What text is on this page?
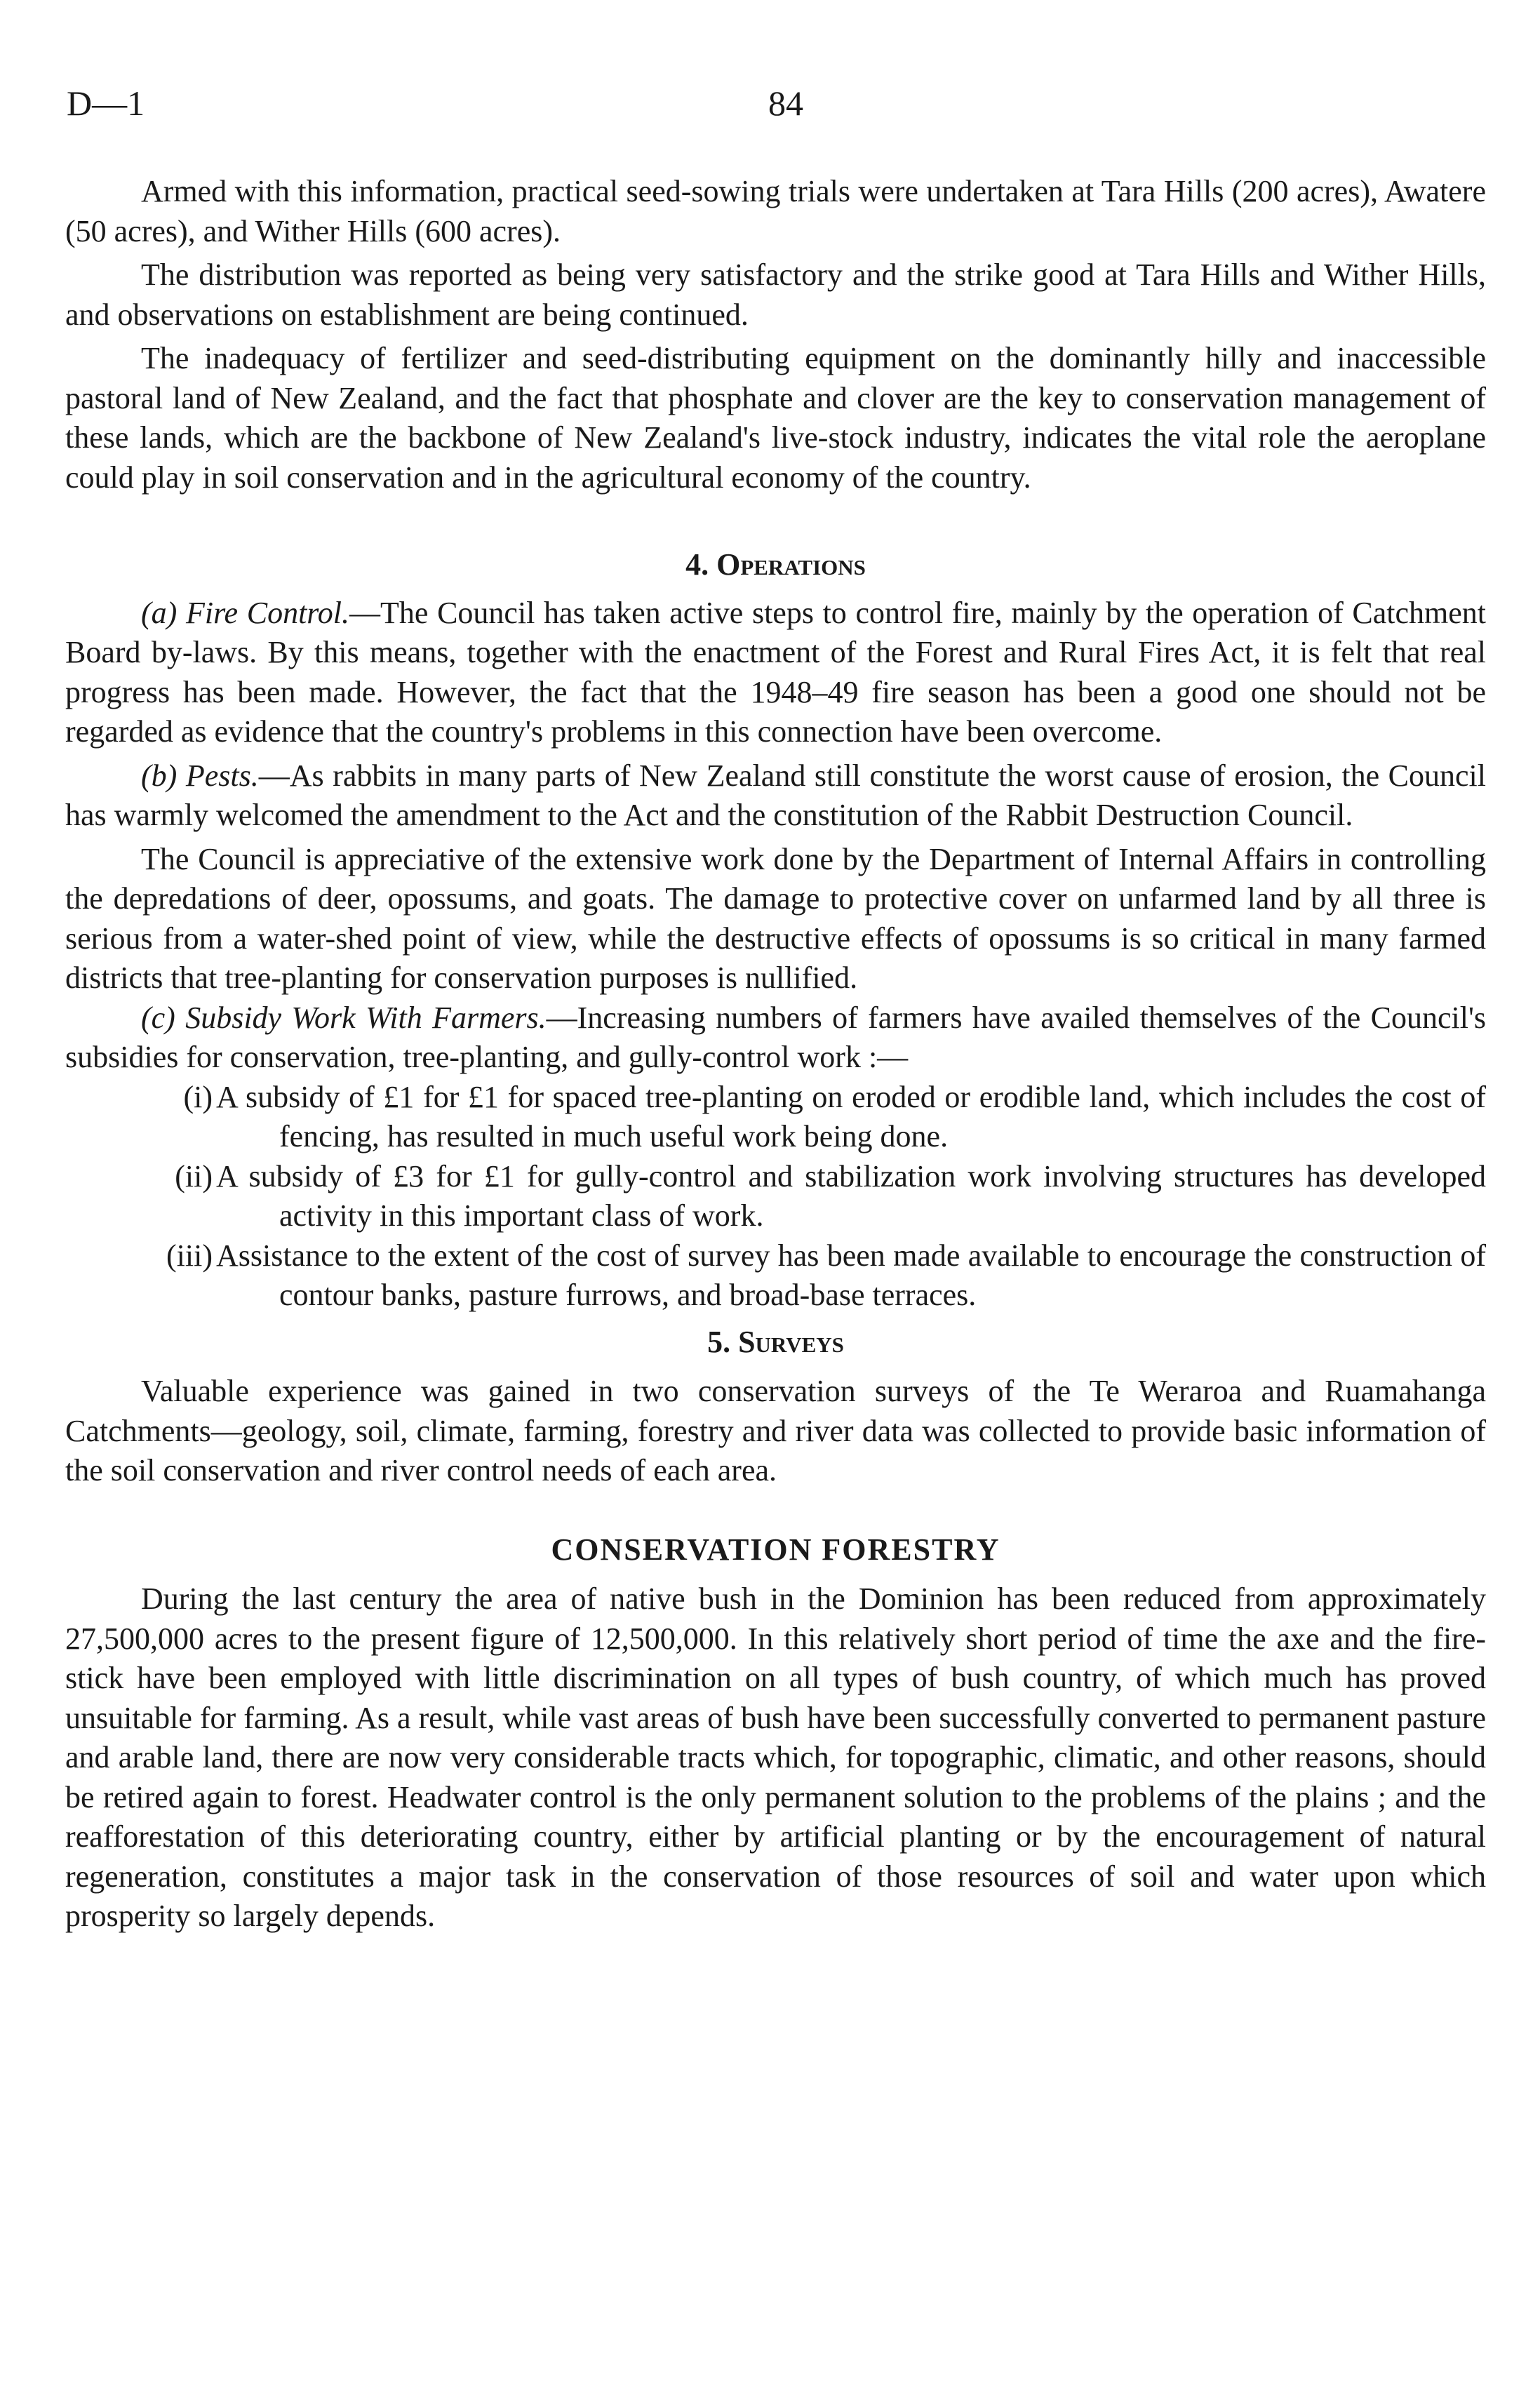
D—1	84

Armed with this information, practical seed-sowing trials were undertaken at Tara Hills (200 acres), Awatere (50 acres), and Wither Hills (600 acres).

The distribution was reported as being very satisfactory and the strike good at Tara Hills and Wither Hills, and observations on establishment are being continued.

The inadequacy of fertilizer and seed-distributing equipment on the dominantly hilly and inaccessible pastoral land of New Zealand, and the fact that phosphate and clover are the key to conservation management of these lands, which are the backbone of New Zealand's live-stock industry, indicates the vital role the aeroplane could play in soil conservation and in the agricultural economy of the country.

4. Operations

(a) Fire Control.—The Council has taken active steps to control fire, mainly by the operation of Catchment Board by-laws. By this means, together with the enactment of the Forest and Rural Fires Act, it is felt that real progress has been made. However, the fact that the 1948–49 fire season has been a good one should not be regarded as evidence that the country's problems in this connection have been overcome.

(b) Pests.—As rabbits in many parts of New Zealand still constitute the worst cause of erosion, the Council has warmly welcomed the amendment to the Act and the constitution of the Rabbit Destruction Council.

The Council is appreciative of the extensive work done by the Department of Internal Affairs in controlling the depredations of deer, opossums, and goats. The damage to protective cover on unfarmed land by all three is serious from a water-shed point of view, while the destructive effects of opossums is so critical in many farmed districts that tree-planting for conservation purposes is nullified.

(c) Subsidy Work With Farmers.—Increasing numbers of farmers have availed themselves of the Council's subsidies for conservation, tree-planting, and gully-control work :—

(i) A subsidy of £1 for £1 for spaced tree-planting on eroded or erodible land, which includes the cost of fencing, has resulted in much useful work being done.
(ii) A subsidy of £3 for £1 for gully-control and stabilization work involving structures has developed activity in this important class of work.
(iii) Assistance to the extent of the cost of survey has been made available to encourage the construction of contour banks, pasture furrows, and broad-base terraces.
5. Surveys

Valuable experience was gained in two conservation surveys of the Te Weraroa and Ruamahanga Catchments—geology, soil, climate, farming, forestry and river data was collected to provide basic information of the soil conservation and river control needs of each area.

CONSERVATION FORESTRY

During the last century the area of native bush in the Dominion has been reduced from approximately 27,500,000 acres to the present figure of 12,500,000. In this relatively short period of time the axe and the fire-stick have been employed with little discrimination on all types of bush country, of which much has proved unsuitable for farming. As a result, while vast areas of bush have been successfully converted to permanent pasture and arable land, there are now very considerable tracts which, for topographic, climatic, and other reasons, should be retired again to forest. Headwater control is the only permanent solution to the problems of the plains ; and the reafforestation of this deteriorating country, either by artificial planting or by the encouragement of natural regeneration, constitutes a major task in the conservation of those resources of soil and water upon which prosperity so largely depends.
